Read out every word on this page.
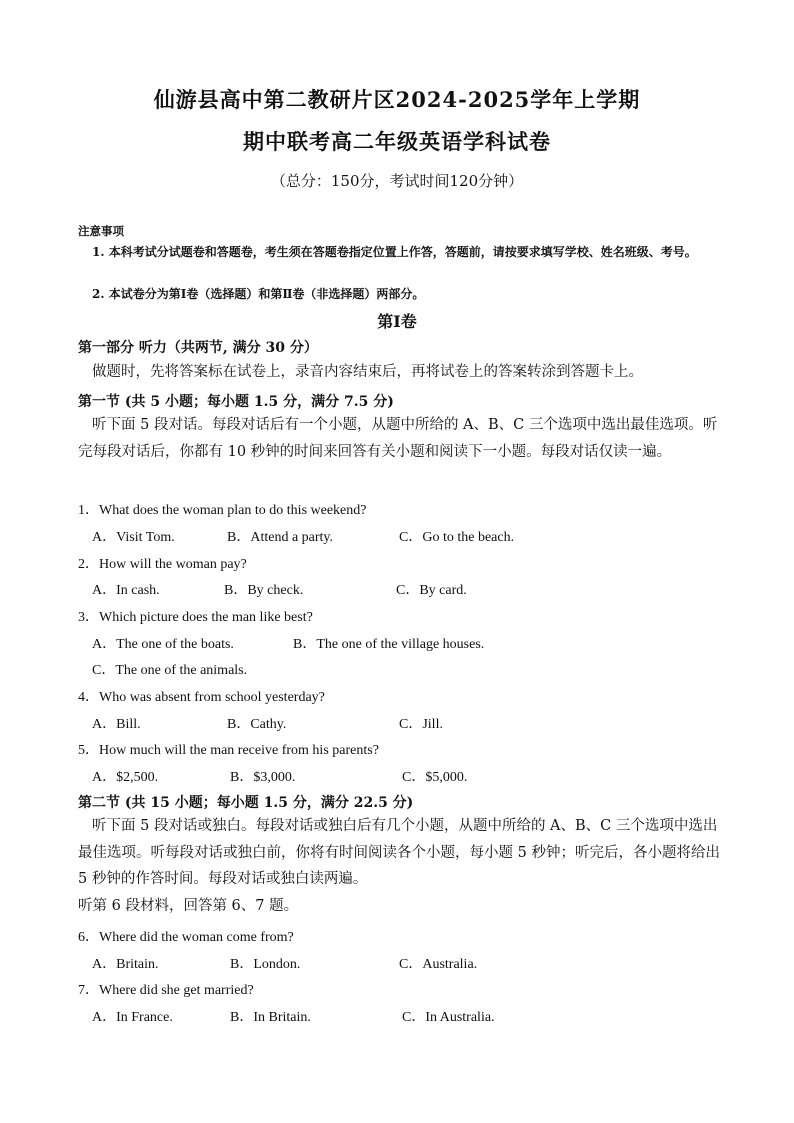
仙游县高中第二教研片区2024-2025学年上学期
期中联考高二年级英语学科试卷
（总分：150分，考试时间120分钟）
注意事项
1. 本科考试分试题卷和答题卷，考生须在答题卷指定位置上作答，答题前，请按要求填写学校、姓名班级、考号。
2. 本试卷分为第Ⅰ卷（选择题）和第Ⅱ卷（非选择题）两部分。
第Ⅰ卷
第一部分 听力（共两节, 满分 30 分）
做题时，先将答案标在试卷上，录音内容结束后，再将试卷上的答案转涂到答题卡上。
第一节 (共 5 小题；每小题 1.5 分，满分 7.5 分)
听下面 5 段对话。每段对话后有一个小题，从题中所给的 A、B、C 三个选项中选出最佳选项。听完每段对话后，你都有 10 秒钟的时间来回答有关小题和阅读下一小题。每段对话仅读一遍。
1．What does the woman plan to do this weekend?
A．Visit Tom.	B．Attend a party.	C．Go to the beach.
2．How will the woman pay?
A．In cash.	B．By check.	C．By card.
3．Which picture does the man like best?
A．The one of the boats.	B．The one of the village houses.
C．The one of the animals.
4．Who was absent from school yesterday?
A．Bill.	B．Cathy.	C．Jill.
5．How much will the man receive from his parents?
A．$2,500.	B．$3,000.	C．$5,000.
第二节 (共 15 小题；每小题 1.5 分，满分 22.5 分)
听下面 5 段对话或独白。每段对话或独白后有几个小题，从题中所给的 A、B、C 三个选项中选出最佳选项。听每段对话或独白前，你将有时间阅读各个小题，每小题 5 秒钟；听完后，各小题将给出 5 秒钟的作答时间。每段对话或独白读两遍。
听第 6 段材料，回答第 6、7 题。
6．Where did the woman come from?
A．Britain.	B．London.	C．Australia.
7．Where did she get married?
A．In France.	B．In Britain.	C．In Australia.
